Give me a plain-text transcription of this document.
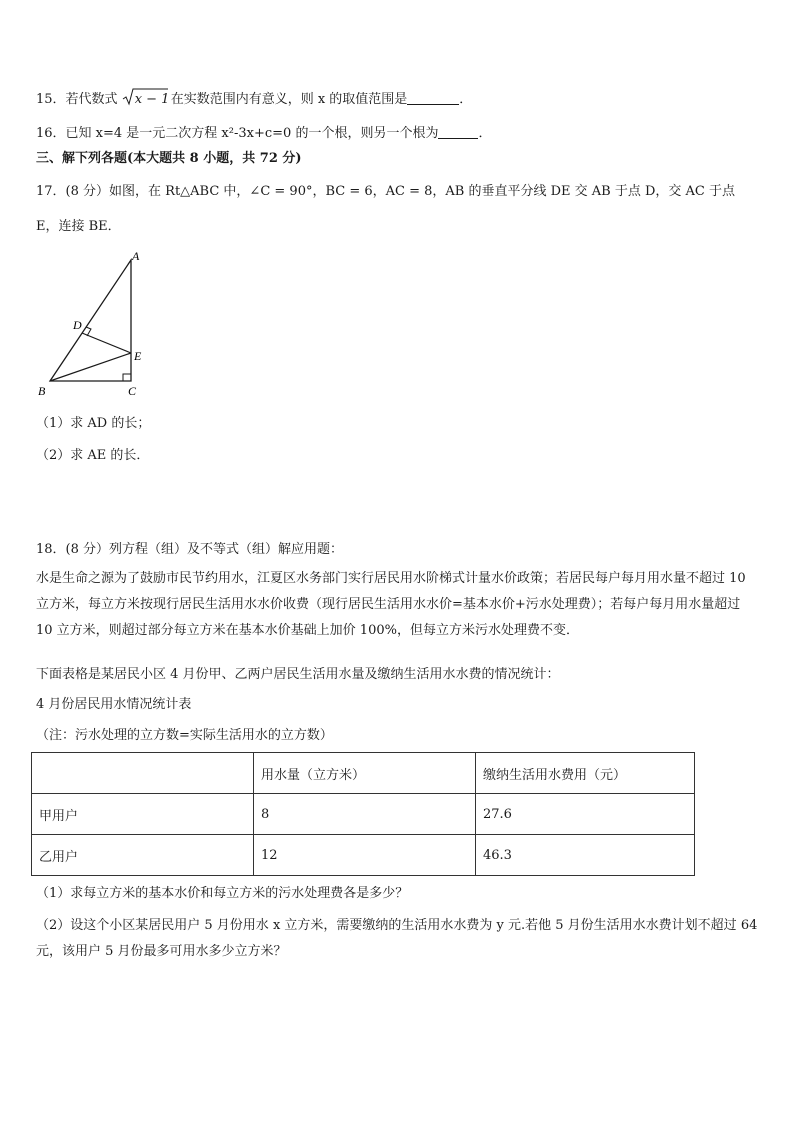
15．若代数式 x − 1在实数范围内有意义，则 x 的取值范围是	．
16．已知 x=4 是一元二次方程 x²-3x+c=0 的一个根，则另一个根为	．
三、解下列各题(本大题共 8 小题，共 72 分)
17．(8 分）如图，在 Rt△ABC 中，∠C = 90°，BC = 6，AC = 8，AB 的垂直平分线 DE 交 AB 于点 D，交 AC 于点
E，连接 BE．
A
B	C
D
E
（1）求 AD 的长；
（2）求 AE 的长．
18．(8 分）列方程（组）及不等式（组）解应用题：
水是生命之源为了鼓励市民节约用水，江夏区水务部门实行居民用水阶梯式计量水价政策；若居民每户每月用水量不超过 10 立方米，每立方米按现行居民生活用水水价收费（现行居民生活用水水价=基本水价+污水处理费）；若每户每月用水量超过 10 立方米，则超过部分每立方米在基本水价基础上加价 100%，但每立方米污水处理费不变．
下面表格是某居民小区 4 月份甲、乙两户居民生活用水量及缴纳生活用水水费的情况统计：
4 月份居民用水情况统计表
（注：污水处理的立方数=实际生活用水的立方数）
	用水量（立方米）	缴纳生活用水费用（元）
甲用户	8	27.6
乙用户	12	46.3
（1）求每立方米的基本水价和每立方米的污水处理费各是多少？
（2）设这个小区某居民用户 5 月份用水 x 立方米，需要缴纳的生活用水水费为 y 元.若他 5 月份生活用水水费计划不超过 64 元，该用户 5 月份最多可用水多少立方米？
